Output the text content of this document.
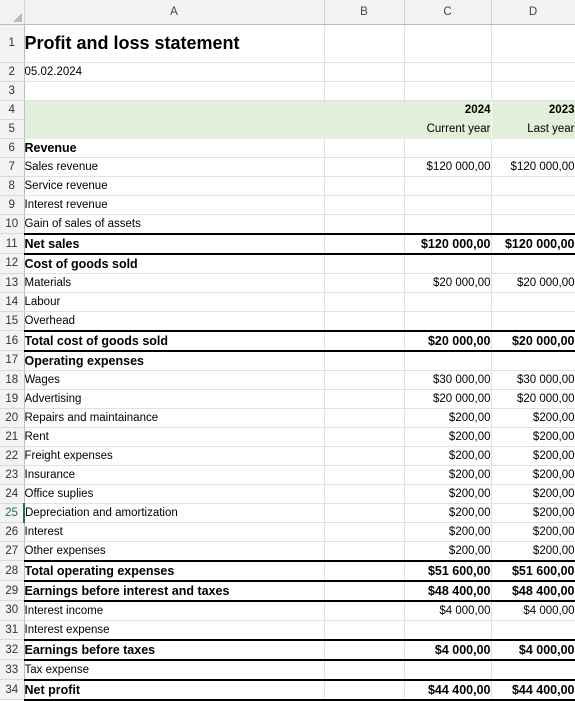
	A	B	C	D
1	Profit and loss statement			
2	05.02.2024			
3				
4			2024	2023
5			Current year	Last year
6	Revenue			
7	Sales revenue		$120 000,00	$120 000,00
8	Service revenue			
9	Interest revenue			
10	Gain of sales of assets			
11	Net sales		$120 000,00	$120 000,00
12	Cost of goods sold			
13	Materials		$20 000,00	$20 000,00
14	Labour			
15	Overhead			
16	Total cost of goods sold		$20 000,00	$20 000,00
17	Operating expenses			
18	Wages		$30 000,00	$30 000,00
19	Advertising		$20 000,00	$20 000,00
20	Repairs and maintainance		$200,00	$200,00
21	Rent		$200,00	$200,00
22	Freight expenses		$200,00	$200,00
23	Insurance		$200,00	$200,00
24	Office suplies		$200,00	$200,00
25	Depreciation and amortization		$200,00	$200,00
26	Interest		$200,00	$200,00
27	Other expenses		$200,00	$200,00
28	Total operating expenses		$51 600,00	$51 600,00
29	Earnings before interest and taxes		$48 400,00	$48 400,00
30	Interest income		$4 000,00	$4 000,00
31	Interest expense			
32	Earnings before taxes		$4 000,00	$4 000,00
33	Tax expense			
34	Net profit		$44 400,00	$44 400,00
